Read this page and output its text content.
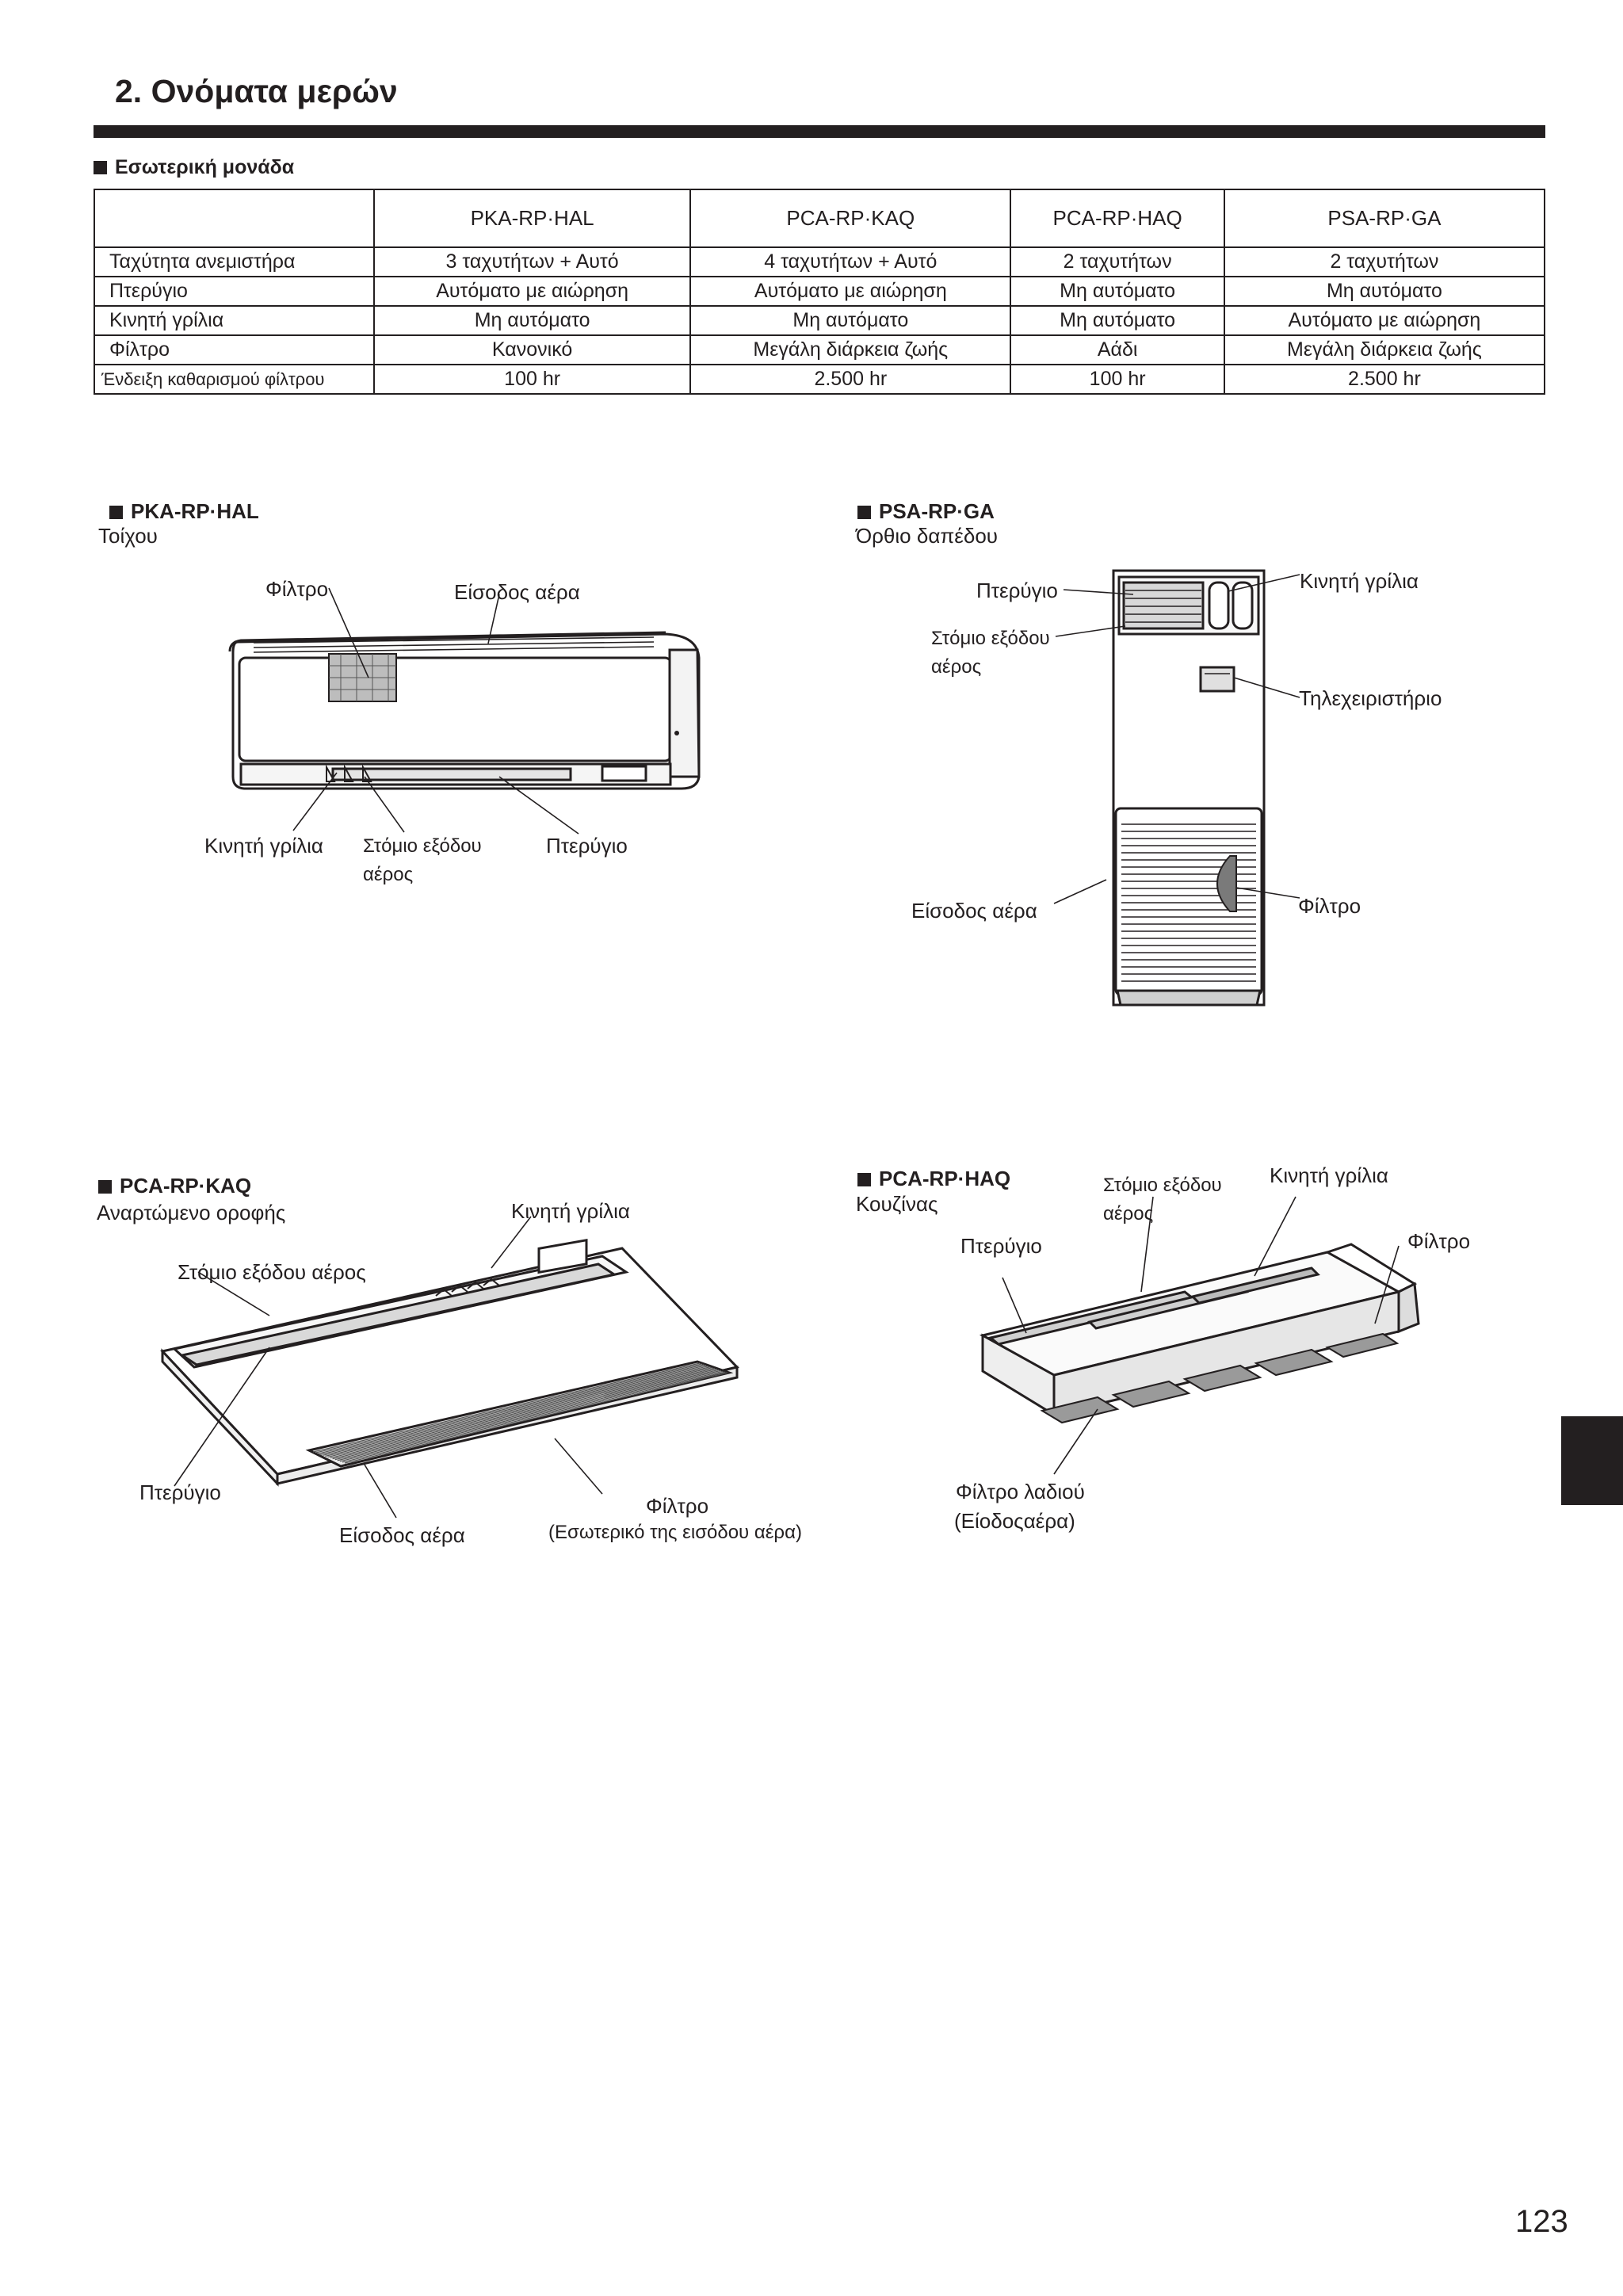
2. Ονόματα μερών
Εσωτερική μονάδα
	PKA-RP·HAL	PCA-RP·KAQ	PCA-RP·HAQ	PSA-RP·GA
Ταχύτητα ανεμιστήρα	3 ταχυτήτων + Αυτό	4 ταχυτήτων + Αυτό	2 ταχυτήτων	2 ταχυτήτων
Πτερύγιο	Αυτόματο με αιώρηση	Αυτόματο με αιώρηση	Μη αυτόματο	Μη αυτόματο
Κινητή γρίλια	Μη αυτόματο	Μη αυτόματο	Μη αυτόματο	Αυτόματο με αιώρηση
Φίλτρο	Κανονικό	Μεγάλη διάρκεια ζωής	Αάδι	Μεγάλη διάρκεια ζωής
Ένδειξη καθαρισμού φίλτρου	100 hr	2.500 hr	100 hr	2.500 hr
PKA-RP·HAL
Τοίχου
Φίλτρο	Είσοδος αέρα
Κινητή γρίλια Στόμιο εξόδου
αέρος
Πτερύγιο
PSA-RP·GA
Όρθιο δαπέδου
Πτερύγιο	Κινητή γρίλια
Στόμιο εξόδου
αέρος
Τηλεχειριστήριο
Είσοδος αέρα	Φίλτρο
PCA-RP·KAQ
Αναρτώμενο οροφής	Κινητή γρίλια
Στόμιο εξόδου αέρος
Πτερύγιο
Είσοδος αέρα
Φίλτρο
(Εσωτερικό της εισόδου αέρα)
PCA-RP·HAQ
Κουζίνας
Στόμιο εξόδου
αέρος
Κινητή γρίλια
Φίλτρο
Πτερύγιο
Φίλτρο λαδιού
(Είοδοςαέρα)
123
